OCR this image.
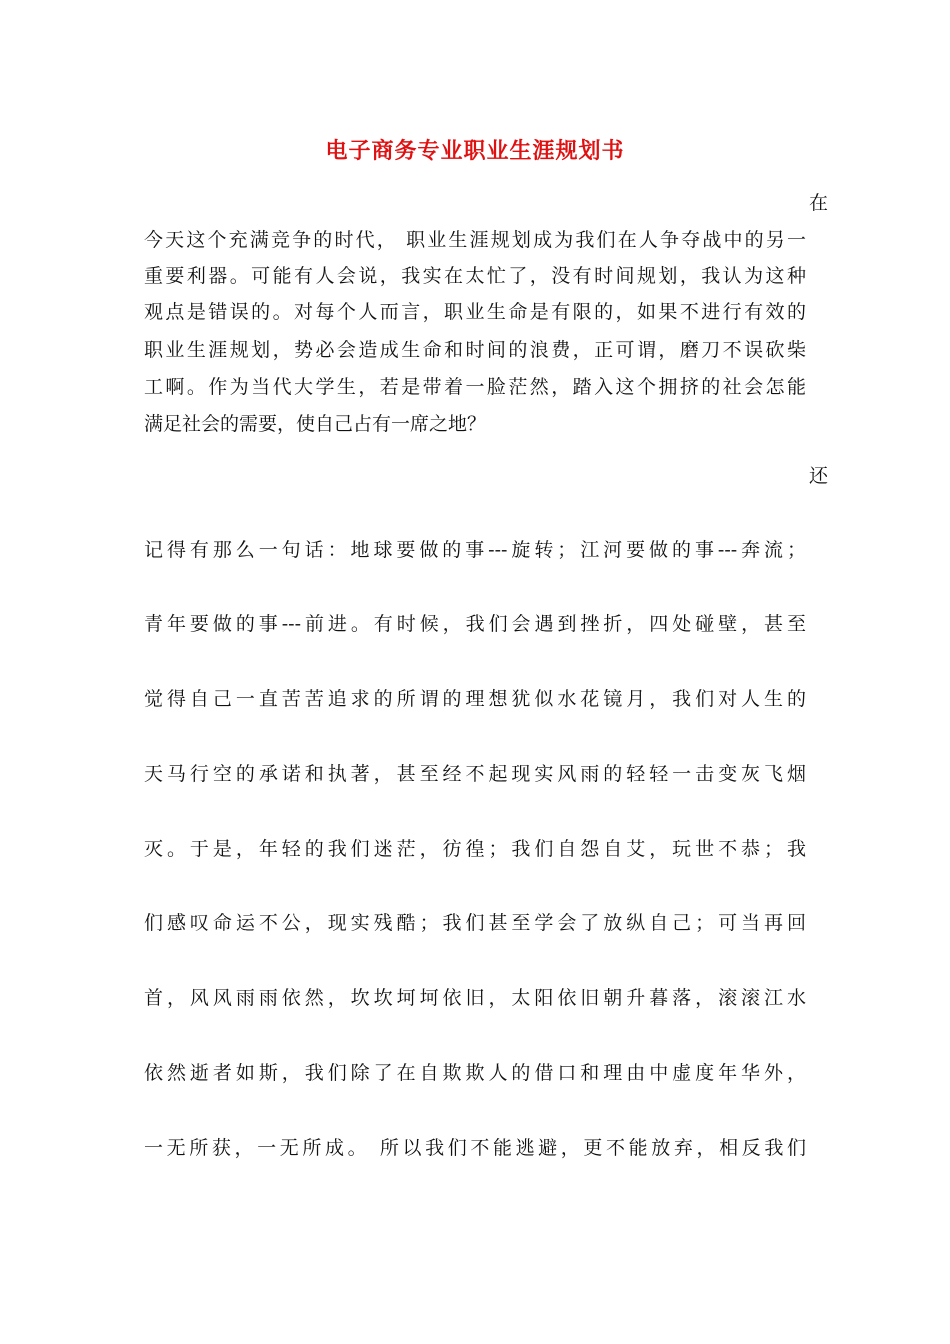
电子商务专业职业生涯规划书
在
今天这个充满竞争的时代， 职业生涯规划成为我们在人争夺战中的另一
重要利器。可能有人会说，我实在太忙了，没有时间规划，我认为这种
观点是错误的。对每个人而言，职业生命是有限的，如果不进行有效的
职业生涯规划，势必会造成生命和时间的浪费，正可谓，磨刀不误砍柴
工啊。作为当代大学生，若是带着一脸茫然，踏入这个拥挤的社会怎能
满足社会的需要，使自己占有一席之地？
还
记得有那么一句话：地球要做的事---旋转；江河要做的事---奔流；
青年要做的事---前进。有时候，我们会遇到挫折，四处碰壁，甚至
觉得自己一直苦苦追求的所谓的理想犹似水花镜月，我们对人生的
天马行空的承诺和执著，甚至经不起现实风雨的轻轻一击变灰飞烟
灭。于是，年轻的我们迷茫，彷徨；我们自怨自艾，玩世不恭；我
们感叹命运不公，现实残酷；我们甚至学会了放纵自己；可当再回
首，风风雨雨依然，坎坎坷坷依旧，太阳依旧朝升暮落，滚滚江水
依然逝者如斯，我们除了在自欺欺人的借口和理由中虚度年华外，
一无所获，一无所成。 所以我们不能逃避，更不能放弃，相反我们
